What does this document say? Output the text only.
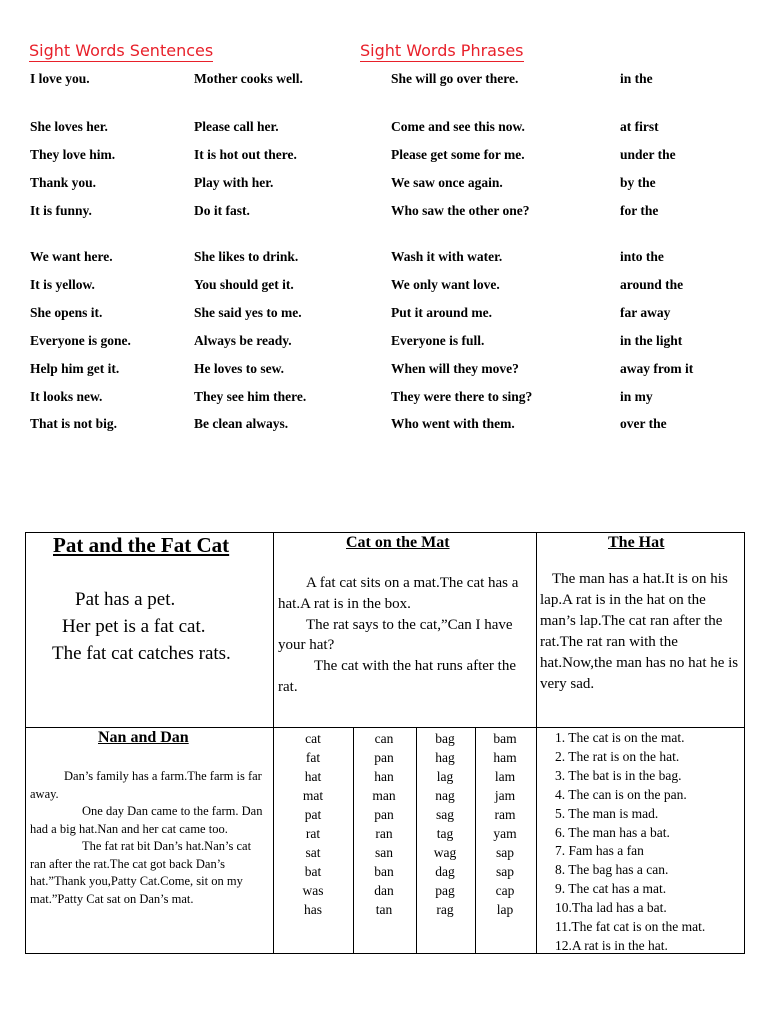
Sight Words Sentences	Sight Words Phrases
I love you.
She loves her.
They love him.
Thank you.
It is funny.
We want here.
It is yellow.
She opens it.
Everyone is gone.
Help him get it.
It looks new.
That is not big.
Mother cooks well.
Please call her.
It is hot out there.
Play with her.
Do it fast.
She likes to drink.
You should get it.
She said yes to me.
Always be ready.
He loves to sew.
They see him there.
Be clean always.
She will go over there.
Come and see this now.
Please get some for me.
We saw once again.
Who saw the other one?
Wash it with water.
We only want love.
Put it around me.
Everyone is full.
When will they move?
They were there to sing?
Who went with them.
in the
at first
under the
by the
for the
into the
around the
far away
in the light
away from it
in my
over the
Pat and the Fat Cat
Pat has a pet.
Her pet is a fat cat.
The fat cat catches rats.
Cat on the Mat

A fat cat sits on a mat.The cat has a hat.A rat is in the box.

The rat says to the cat,”Can I have your hat?

The cat with the hat runs after the rat.

The Hat

The man has a hat.It is on his lap.A rat is in the hat on the man’s lap.The cat ran after the rat.The rat ran with the hat.Now,the man has no hat he is very sad.

Nan and Dan

Dan’s family has a farm.The farm is far away.

One day Dan came to the farm. Dan had a big hat.Nan and her cat came too.

The fat rat bit Dan’s hat.Nan’s cat ran after the rat.The cat got back Dan’s hat.”Thank you,Patty Cat.Come, sit on my mat.”Patty Cat sat on Dan’s mat.

cat
fat
hat
mat
pat
rat
sat
bat
was
has
can
pan
han
man
pan
ran
san
ban
dan
tan
bag
hag
lag
nag
sag
tag
wag
dag
pag
rag
bam
ham
lam
jam
ram
yam
sap
sap
cap
lap
1. The cat is on the mat.
2. The rat is on the hat.
3. The bat is in the bag.
4. The can is on the pan.
5. The man is mad.
6. The man has a bat.
7. Fam has a fan
8. The bag has a can.
9. The cat has a mat.
10.Tha lad has a bat.
11.The fat cat is on the mat.
12.A rat is in the hat.
